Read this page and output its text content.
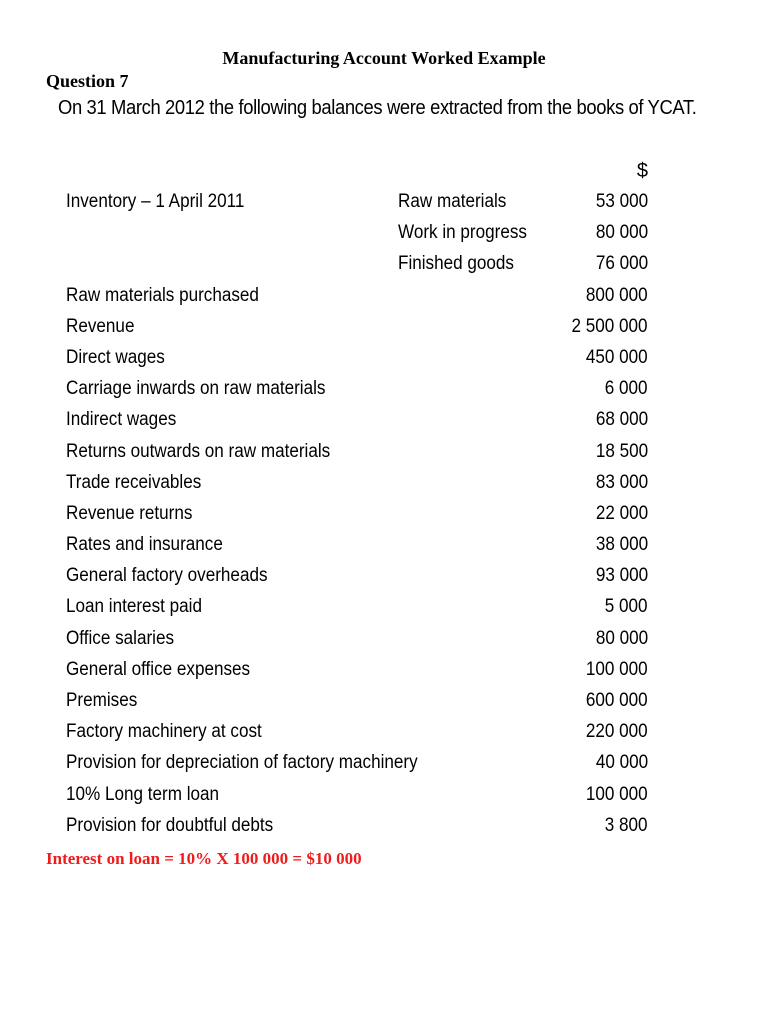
Manufacturing Account Worked Example
Question 7
On 31 March 2012 the following balances were extracted from the books of YCAT.
$
Inventory – 1 April 2011	Raw materials	53 000
Work in progress	80 000
Finished goods	76 000
Raw materials purchased	800 000
Revenue	2 500 000
Direct wages	450 000
Carriage inwards on raw materials	6 000
Indirect wages	68 000
Returns outwards on raw materials	18 500
Trade receivables	83 000
Revenue returns	22 000
Rates and insurance	38 000
General factory overheads	93 000
Loan interest paid	5 000
Office salaries	80 000
General office expenses	100 000
Premises	600 000
Factory machinery at cost	220 000
Provision for depreciation of factory machinery	40 000
10% Long term loan	100 000
Provision for doubtful debts	3 800
Interest on loan = 10% X 100 000 = $10 000
